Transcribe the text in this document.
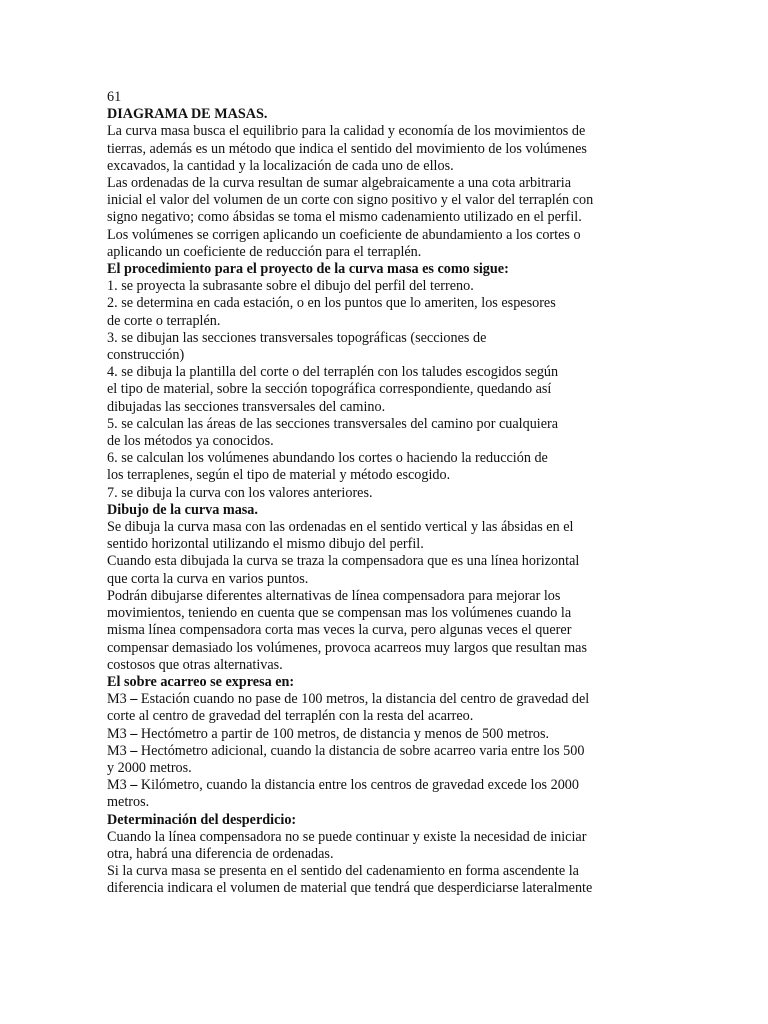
61
DIAGRAMA DE MASAS.
La curva masa busca el equilibrio para la calidad y economía de los movimientos de
tierras, además es un método que indica el sentido del movimiento de los volúmenes
excavados, la cantidad y la localización de cada uno de ellos.
Las ordenadas de la curva resultan de sumar algebraicamente a una cota arbitraria
inicial el valor del volumen de un corte con signo positivo y el valor del terraplén con
signo negativo; como ábsidas se toma el mismo cadenamiento utilizado en el perfil.
Los volúmenes se corrigen aplicando un coeficiente de abundamiento a los cortes o
aplicando un coeficiente de reducción para el terraplén.
El procedimiento para el proyecto de la curva masa es como sigue:
1. se proyecta la subrasante sobre el dibujo del perfil del terreno.
2. se determina en cada estación, o en los puntos que lo ameriten, los espesores
de corte o terraplén.
3. se dibujan las secciones transversales topográficas (secciones de
construcción)
4. se dibuja la plantilla del corte o del terraplén con los taludes escogidos según
el tipo de material, sobre la sección topográfica correspondiente, quedando así
dibujadas las secciones transversales del camino.
5. se calculan las áreas de las secciones transversales del camino por cualquiera
de los métodos ya conocidos.
6. se calculan los volúmenes abundando los cortes o haciendo la reducción de
los terraplenes, según el tipo de material y método escogido.
7. se dibuja la curva con los valores anteriores.
Dibujo de la curva masa.
Se dibuja la curva masa con las ordenadas en el sentido vertical y las ábsidas en el
sentido horizontal utilizando el mismo dibujo del perfil.
Cuando esta dibujada la curva se traza la compensadora que es una línea horizontal
que corta la curva en varios puntos.
Podrán dibujarse diferentes alternativas de línea compensadora para mejorar los
movimientos, teniendo en cuenta que se compensan mas los volúmenes cuando la
misma línea compensadora corta mas veces la curva, pero algunas veces el querer
compensar demasiado los volúmenes, provoca acarreos muy largos que resultan mas
costosos que otras alternativas.
El sobre acarreo se expresa en:
M3 – Estación cuando no pase de 100 metros, la distancia del centro de gravedad del
corte al centro de gravedad del terraplén con la resta del acarreo.
M3 – Hectómetro a partir de 100 metros, de distancia y menos de 500 metros.
M3 – Hectómetro adicional, cuando la distancia de sobre acarreo varia entre los 500
y 2000 metros.
M3 – Kilómetro, cuando la distancia entre los centros de gravedad excede los 2000
metros.
Determinación del desperdicio:
Cuando la línea compensadora no se puede continuar y existe la necesidad de iniciar
otra, habrá una diferencia de ordenadas.
Si la curva masa se presenta en el sentido del cadenamiento en forma ascendente la
diferencia indicara el volumen de material que tendrá que desperdiciarse lateralmente
